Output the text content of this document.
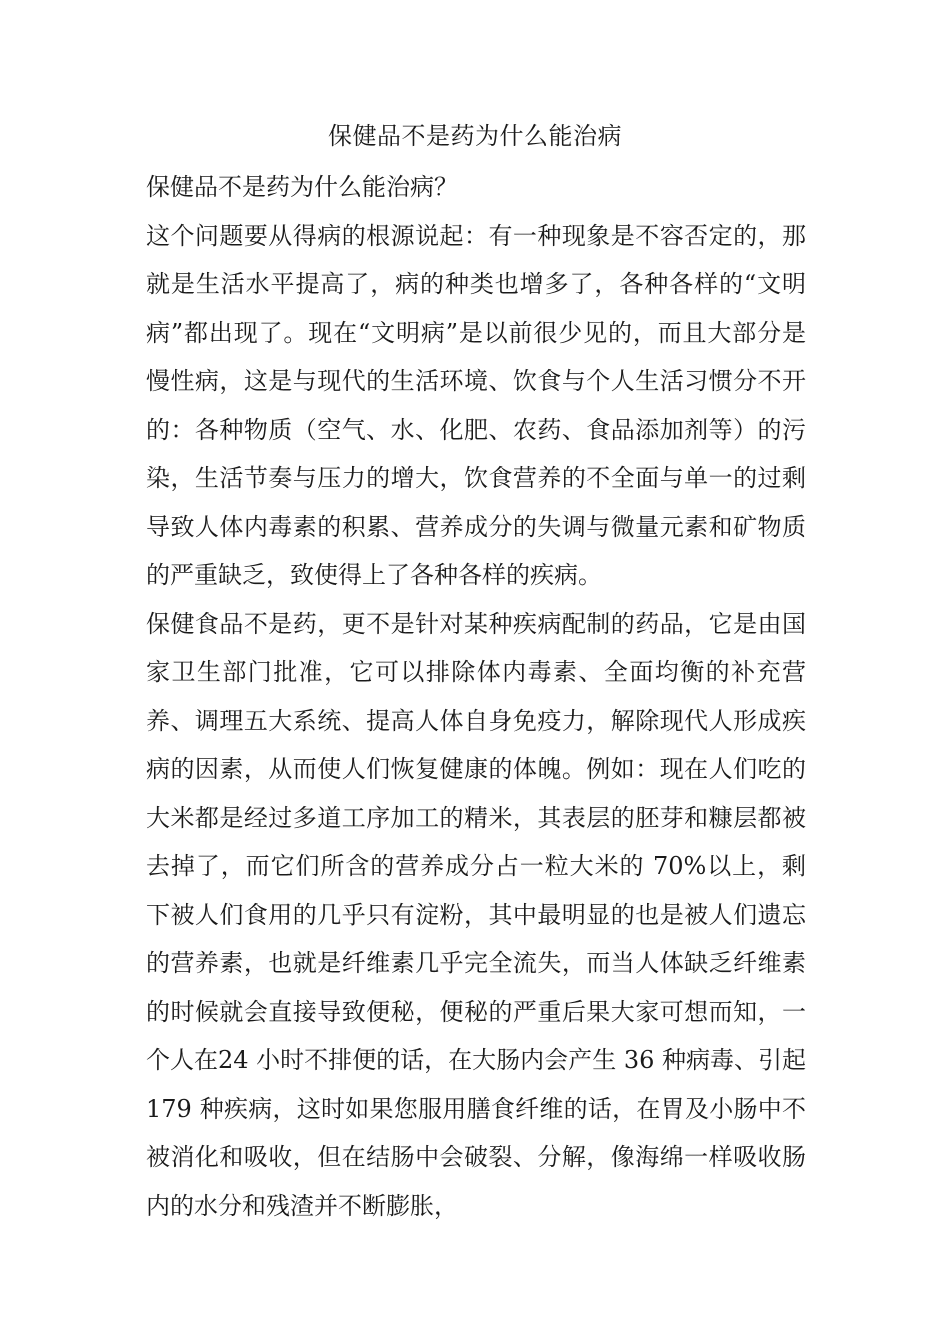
保健品不是药为什么能治病

保健品不是药为什么能治病？

这个问题要从得病的根源说起：有一种现象是不容否定的，那就是生活水平提高了，病的种类也增多了，各种各样的“文明病”都出现了。现在“文明病”是以前很少见的，而且大部分是慢性病，这是与现代的生活环境、饮食与个人生活习惯分不开的：各种物质（空气、水、化肥、农药、食品添加剂等）的污染，生活节奏与压力的增大，饮食营养的不全面与单一的过剩导致人体内毒素的积累、营养成分的失调与微量元素和矿物质的严重缺乏，致使得上了各种各样的疾病。

保健食品不是药，更不是针对某种疾病配制的药品，它是由国家卫生部门批准，它可以排除体内毒素、全面均衡的补充营养、调理五大系统、提高人体自身免疫力，解除现代人形成疾病的因素，从而使人们恢复健康的体魄。例如：现在人们吃的大米都是经过多道工序加工的精米，其表层的胚芽和糠层都被去掉了，而它们所含的营养成分占一粒大米的 70%以上，剩下被人们食用的几乎只有淀粉，其中最明显的也是被人们遗忘的营养素，也就是纤维素几乎完全流失，而当人体缺乏纤维素的时候就会直接导致便秘，便秘的严重后果大家可想而知，一个人在24 小时不排便的话，在大肠内会产生 36 种病毒、引起 179 种疾病，这时如果您服用膳食纤维的话，在胃及小肠中不被消化和吸收，但在结肠中会破裂、分解，像海绵一样吸收肠内的水分和残渣并不断膨胀，
